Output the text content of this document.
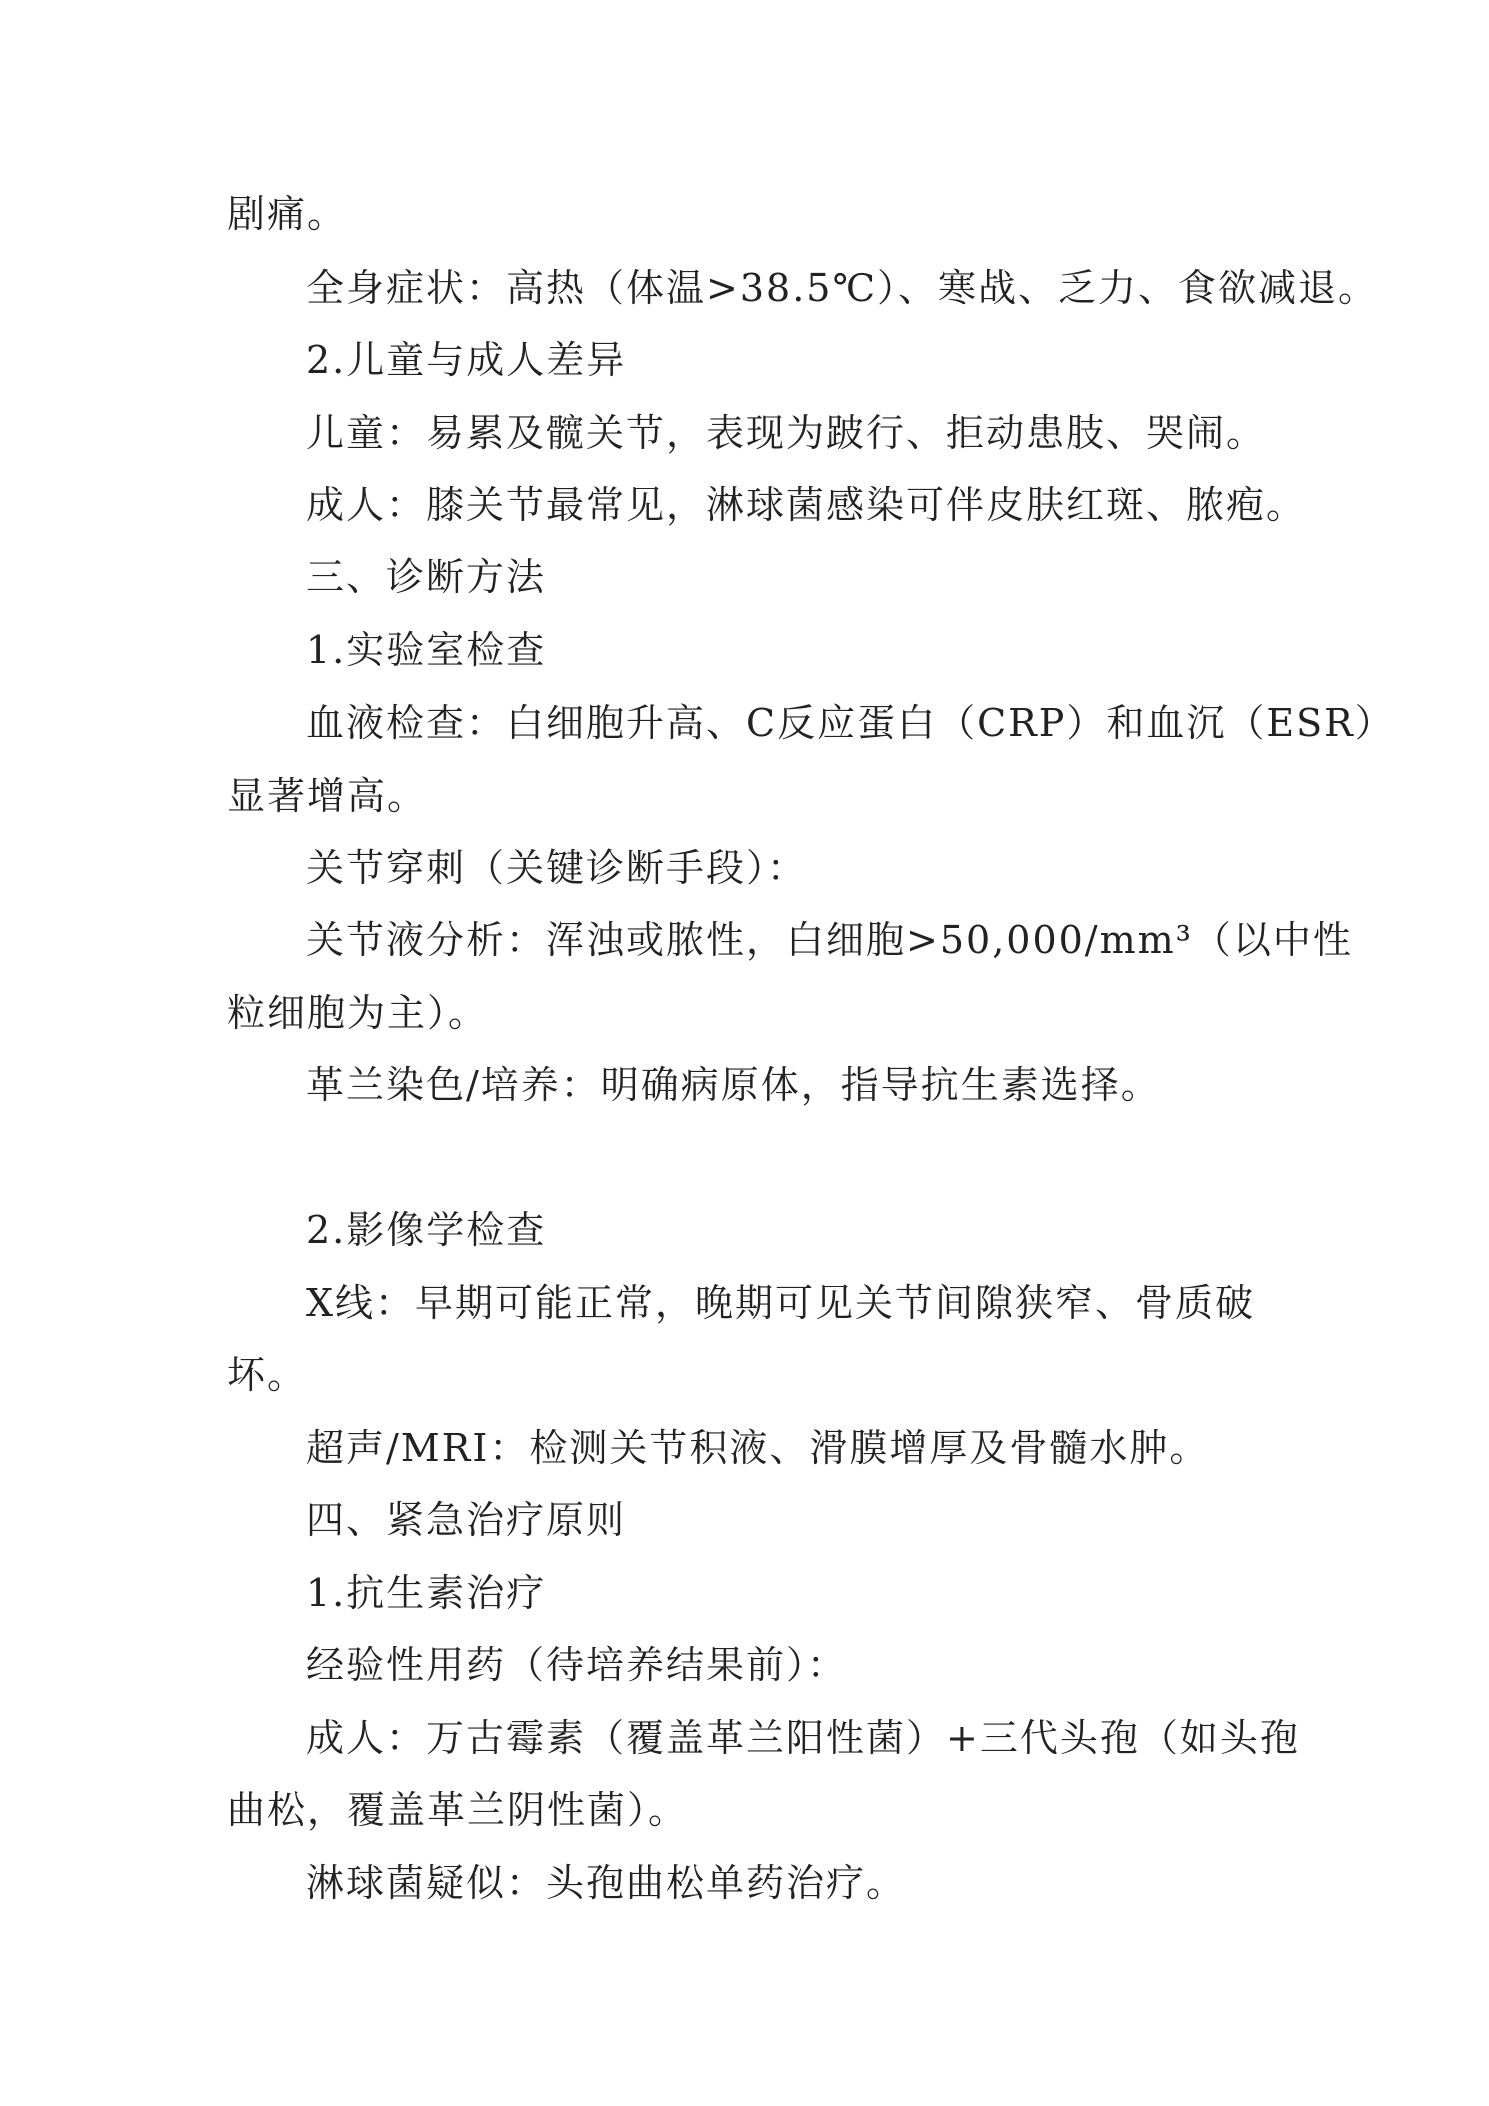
剧痛。
全身症状：高热（体温>38.5℃）、寒战、乏力、食欲减退。
2.儿童与成人差异
儿童：易累及髋关节，表现为跛行、拒动患肢、哭闹。
成人：膝关节最常见，淋球菌感染可伴皮肤红斑、脓疱。
三、诊断方法
1.实验室检查
血液检查：白细胞升高、C反应蛋白（CRP）和血沉（ESR）
显著增高。
关节穿刺（关键诊断手段）：
关节液分析：浑浊或脓性，白细胞>50,000/mm³（以中性
粒细胞为主）。
革兰染色/培养：明确病原体，指导抗生素选择。
2.影像学检查
X线：早期可能正常，晚期可见关节间隙狭窄、骨质破
坏。
超声/MRI：检测关节积液、滑膜增厚及骨髓水肿。
四、紧急治疗原则
1.抗生素治疗
经验性用药（待培养结果前）：
成人：万古霉素（覆盖革兰阳性菌）+三代头孢（如头孢
曲松，覆盖革兰阴性菌）。
淋球菌疑似：头孢曲松单药治疗。
